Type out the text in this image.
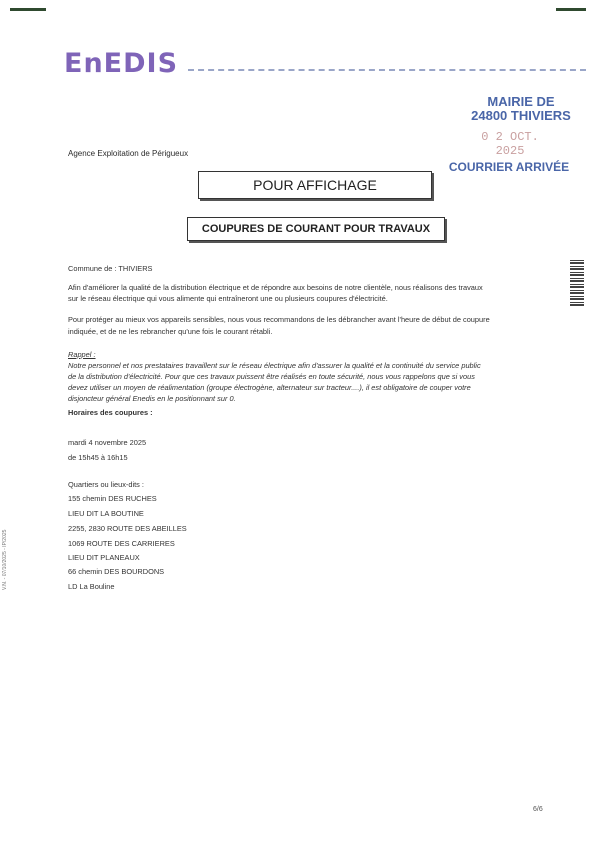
EnEDIS
MAIRIE DE
24800 THIVIERS
0 2 OCT. 2025
COURRIER ARRIVÉE
Agence Exploitation de Périgueux
POUR AFFICHAGE
COUPURES DE COURANT POUR TRAVAUX
Commune de : THIVIERS
Afin d'améliorer la qualité de la distribution électrique et de répondre aux besoins de notre clientèle, nous réalisons des travaux
sur le réseau électrique qui vous alimente qui entraîneront une ou plusieurs coupures d'électricité.
Pour protéger au mieux vos appareils sensibles, nous vous recommandons de les débrancher avant l'heure de début de coupure
indiquée, et de ne les rebrancher qu'une fois le courant rétabli.
Rappel :
Notre personnel et nos prestataires travaillent sur le réseau électrique afin d'assurer la qualité et la continuité du service public
de la distribution d'électricité. Pour que ces travaux puissent être réalisés en toute sécurité, nous vous rappelons que si vous
devez utiliser un moyen de réalimentation (groupe électrogène, alternateur sur tracteur....), il est obligatoire de couper votre
disjoncteur général Enedis en le positionnant sur 0.
Horaires des coupures :
mardi 4 novembre 2025
de 15h45 à 16h15
Quartiers ou lieux-dits :
155 chemin DES RUCHES
LIEU DIT LA BOUTINE
2255, 2830 ROUTE DES ABEILLES
1069 ROUTE DES CARRIERES
LIEU DIT PLANEAUX
66 chemin DES BOURDONS
LD La Bouline
V.N. - 07/10/2025 - IP/2025
6/6
